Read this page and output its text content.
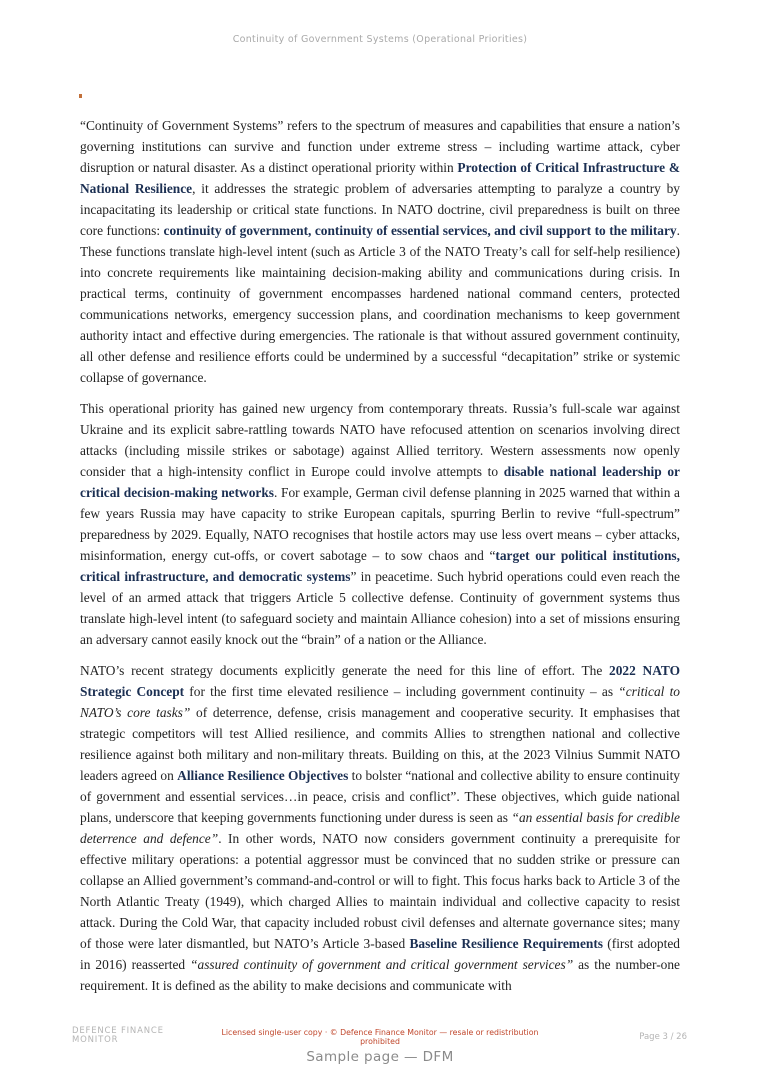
Continuity of Government Systems (Operational Priorities)

“Continuity of Government Systems” refers to the spectrum of measures and capabilities that ensure a nation’s governing institutions can survive and function under extreme stress – including wartime attack, cyber disruption or natural disaster. As a distinct operational priority within Protection of Critical Infrastructure & National Resilience, it addresses the strategic problem of adversaries attempting to paralyze a country by incapacitating its leadership or critical state functions. In NATO doctrine, civil preparedness is built on three core functions: continuity of government, continuity of essential services, and civil support to the military. These functions translate high-level intent (such as Article 3 of the NATO Treaty’s call for self-help resilience) into concrete requirements like maintaining decision-making ability and communications during crisis. In practical terms, continuity of government encompasses hardened national command centers, protected communications networks, emergency succession plans, and coordination mechanisms to keep government authority intact and effective during emergencies. The rationale is that without assured government continuity, all other defense and resilience efforts could be undermined by a successful “decapitation” strike or systemic collapse of governance.

This operational priority has gained new urgency from contemporary threats. Russia’s full-scale war against Ukraine and its explicit sabre-rattling towards NATO have refocused attention on scenarios involving direct attacks (including missile strikes or sabotage) against Allied territory. Western assessments now openly consider that a high-intensity conflict in Europe could involve attempts to disable national leadership or critical decision-making networks. For example, German civil defense planning in 2025 warned that within a few years Russia may have capacity to strike European capitals, spurring Berlin to revive “full-spectrum” preparedness by 2029. Equally, NATO recognises that hostile actors may use less overt means – cyber attacks, misinformation, energy cut-offs, or covert sabotage – to sow chaos and “target our political institutions, critical infrastructure, and democratic systems” in peacetime. Such hybrid operations could even reach the level of an armed attack that triggers Article 5 collective defense. Continuity of government systems thus translate high-level intent (to safeguard society and maintain Alliance cohesion) into a set of missions ensuring an adversary cannot easily knock out the “brain” of a nation or the Alliance.

NATO’s recent strategy documents explicitly generate the need for this line of effort. The 2022 NATO Strategic Concept for the first time elevated resilience – including government continuity – as “critical to NATO’s core tasks” of deterrence, defense, crisis management and cooperative security. It emphasises that strategic competitors will test Allied resilience, and commits Allies to strengthen national and collective resilience against both military and non-military threats. Building on this, at the 2023 Vilnius Summit NATO leaders agreed on Alliance Resilience Objectives to bolster “national and collective ability to ensure continuity of government and essential services…in peace, crisis and conflict”. These objectives, which guide national plans, underscore that keeping governments functioning under duress is seen as “an essential basis for credible deterrence and defence”. In other words, NATO now considers government continuity a prerequisite for effective military operations: a potential aggressor must be convinced that no sudden strike or pressure can collapse an Allied government’s command-and-control or will to fight. This focus harks back to Article 3 of the North Atlantic Treaty (1949), which charged Allies to maintain individual and collective capacity to resist attack. During the Cold War, that capacity included robust civil defenses and alternate governance sites; many of those were later dismantled, but NATO’s Article 3-based Baseline Resilience Requirements (first adopted in 2016) reasserted “assured continuity of government and critical government services” as the number-one requirement. It is defined as the ability to make decisions and communicate with

DEFENCE FINANCE
MONITOR
Licensed single-user copy · © Defence Finance Monitor — resale or redistribution prohibited	Page 3 / 26
Sample page — DFM
